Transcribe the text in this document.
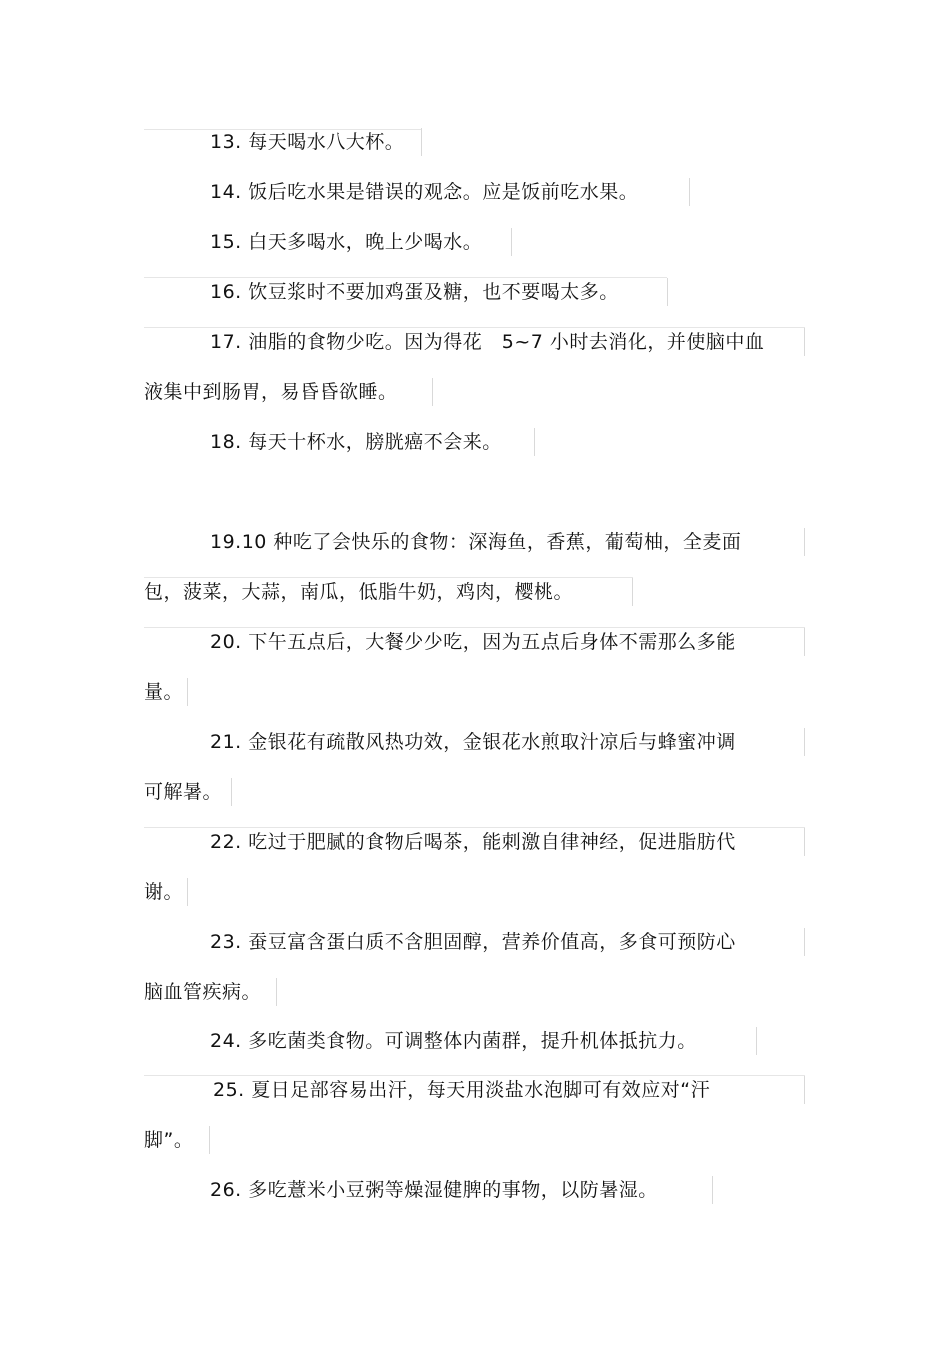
13. 每天喝水八大杯。
14. 饭后吃水果是错误的观念。应是饭前吃水果。
15. 白天多喝水，晚上少喝水。
16. 饮豆浆时不要加鸡蛋及糖，也不要喝太多。
17. 油脂的食物少吃。因为得花　5~7 小时去消化，并使脑中血
液集中到肠胃，易昏昏欲睡。
18. 每天十杯水，膀胱癌不会来。
19.10 种吃了会快乐的食物：深海鱼，香蕉，葡萄柚，全麦面
包，菠菜，大蒜，南瓜，低脂牛奶，鸡肉，樱桃。
20. 下午五点后，大餐少少吃，因为五点后身体不需那么多能
量。
21. 金银花有疏散风热功效，金银花水煎取汁凉后与蜂蜜冲调
可解暑。
22. 吃过于肥腻的食物后喝茶，能刺激自律神经，促进脂肪代
谢。
23. 蚕豆富含蛋白质不含胆固醇，营养价值高，多食可预防心
脑血管疾病。
24. 多吃菌类食物。可调整体内菌群，提升机体抵抗力。
25. 夏日足部容易出汗，每天用淡盐水泡脚可有效应对“汗
脚”。
26. 多吃薏米小豆粥等燥湿健脾的事物，以防暑湿。
